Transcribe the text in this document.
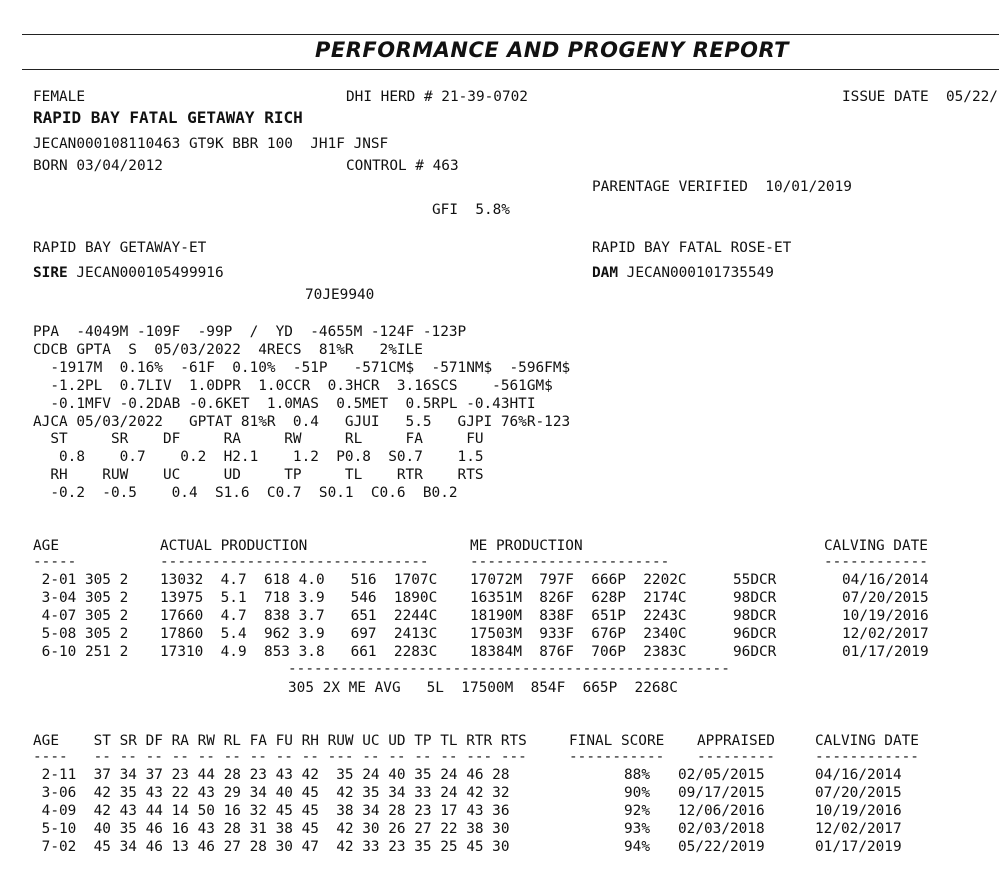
PERFORMANCE AND PROGENY REPORT
FEMALE	DHI HERD # 21-39-0702	ISSUE DATE  05/22/
RAPID BAY FATAL GETAWAY RICH
JECAN000108110463 GT9K BBR 100  JH1F JNSF
BORN 03/04/2012	CONTROL # 463
PARENTAGE VERIFIED  10/01/2019
GFI  5.8%
RAPID BAY GETAWAY-ET
SIRE JECAN000105499916
RAPID BAY FATAL ROSE-ET
DAM JECAN000101735549
70JE9940
PPA  -4049M -109F  -99P  /  YD  -4655M -124F -123P
CDCB GPTA  S  05/03/2022  4RECS  81%R   2%ILE
-1917M  0.16%  -61F  0.10%  -51P   -571CM$  -571NM$  -596FM$
-1.2PL  0.7LIV  1.0DPR  1.0CCR  0.3HCR  3.16SCS    -561GM$
-0.1MFV -0.2DAB -0.6KET  1.0MAS  0.5MET  0.5RPL -0.43HTI
AJCA 05/03/2022   GPTAT 81%R  0.4   GJUI   5.5   GJPI 76%R-123
ST     SR    DF     RA     RW     RL     FA     FU
0.8    0.7    0.2  H2.1    1.2  P0.8  S0.7    1.5
RH    RUW    UC     UD     TP     TL    RTR    RTS
-0.2  -0.5    0.4  S1.6  C0.7  S0.1  C0.6  B0.2
AGE	ACTUAL PRODUCTION	ME PRODUCTION	CALVING DATE
-----	-------------------------------	-----------------------	------------
2-01 305 2 13032  4.7  618 4.0   516  1707C 17072M  797F  666P  2202C	55DCR	04/16/2014
3-04 305 2 13975  5.1  718 3.9   546  1890C 16351M  826F  628P  2174C	98DCR	07/20/2015
4-07 305 2 17660  4.7  838 3.7   651  2244C 18190M  838F  651P  2243C	98DCR	10/19/2016
5-08 305 2 17860  5.4  962 3.9   697  2413C 17503M  933F  676P  2340C	96DCR	12/02/2017
6-10 251 2 17310  4.9  853 3.8   661  2283C 18384M  876F  706P  2383C	96DCR	01/17/2019
---------------------------------------------------
305 2X ME AVG   5L  17500M  854F  665P  2268C
AGE    ST SR DF RA RW RL FA FU RH RUW UC UD TP TL RTR RTS	FINAL SCORE APPRAISED	CALVING DATE
----   -- -- -- -- -- -- -- -- -- --- -- -- -- -- --- ---	----------- ---------	------------
2-11  37 34 37 23 44 28 23 43 42  35 24 40 35 24 46 28	88% 02/05/2015	04/16/2014
3-06  42 35 43 22 43 29 34 40 45  42 35 34 33 24 42 32	90% 09/17/2015	07/20/2015
4-09  42 43 44 14 50 16 32 45 45  38 34 28 23 17 43 36	92% 12/06/2016	10/19/2016
5-10  40 35 46 16 43 28 31 38 45  42 30 26 27 22 38 30	93% 02/03/2018	12/02/2017
7-02  45 34 46 13 46 27 28 30 47  42 33 23 35 25 45 30	94% 05/22/2019	01/17/2019
